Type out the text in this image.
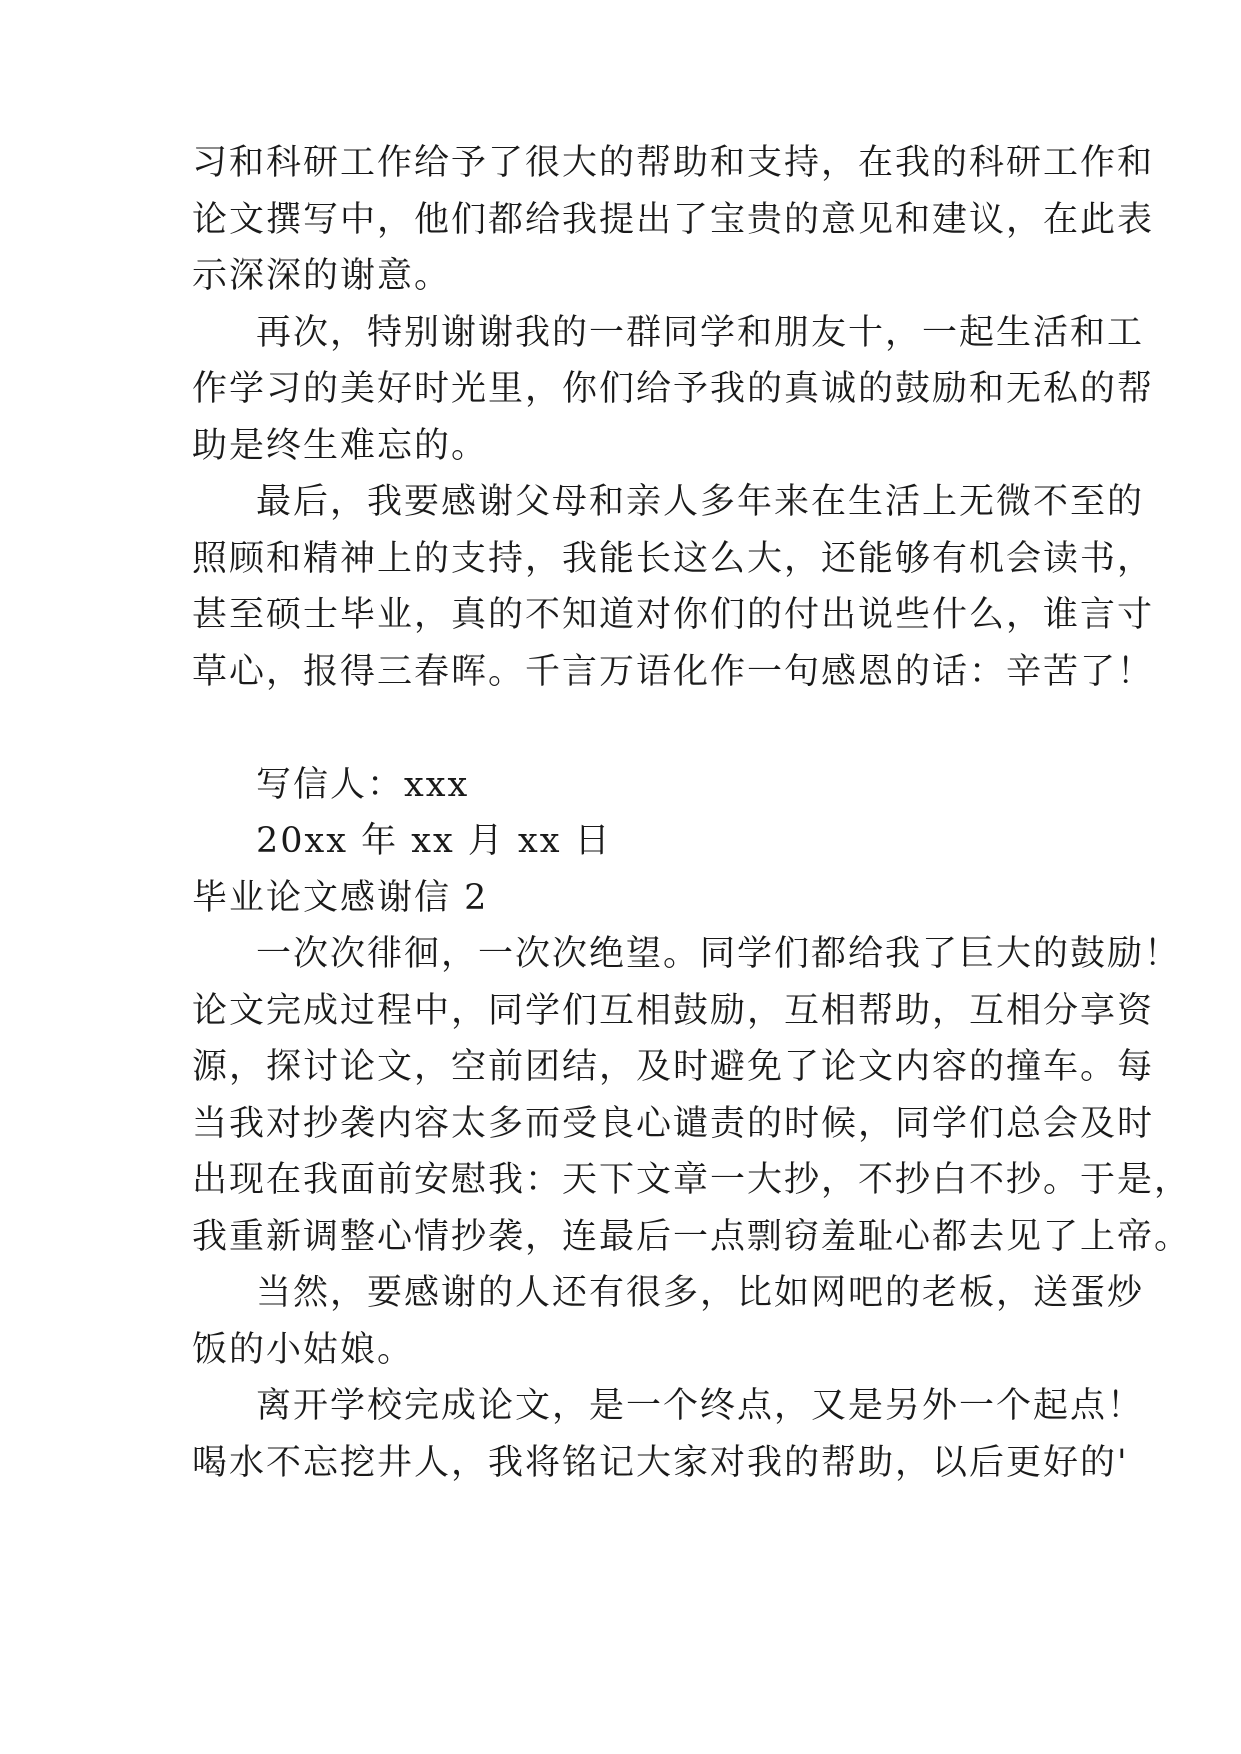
习和科研工作给予了很大的帮助和支持，在我的科研工作和
论文撰写中，他们都给我提出了宝贵的意见和建议，在此表
示深深的谢意。
再次，特别谢谢我的一群同学和朋友十，一起生活和工
作学习的美好时光里，你们给予我的真诚的鼓励和无私的帮
助是终生难忘的。
最后，我要感谢父母和亲人多年来在生活上无微不至的
照顾和精神上的支持，我能长这么大，还能够有机会读书，
甚至硕士毕业，真的不知道对你们的付出说些什么，谁言寸
草心，报得三春晖。千言万语化作一句感恩的话：辛苦了！
写信人：xxx
20xx 年 xx 月 xx 日
毕业论文感谢信 2
一次次徘徊，一次次绝望。同学们都给我了巨大的鼓励！
论文完成过程中，同学们互相鼓励，互相帮助，互相分享资
源，探讨论文，空前团结，及时避免了论文内容的撞车。每
当我对抄袭内容太多而受良心谴责的时候，同学们总会及时
出现在我面前安慰我：天下文章一大抄，不抄白不抄。于是，
我重新调整心情抄袭，连最后一点剽窃羞耻心都去见了上帝。
当然，要感谢的人还有很多，比如网吧的老板，送蛋炒
饭的小姑娘。
离开学校完成论文，是一个终点，又是另外一个起点！
喝水不忘挖井人，我将铭记大家对我的帮助，以后更好的'
